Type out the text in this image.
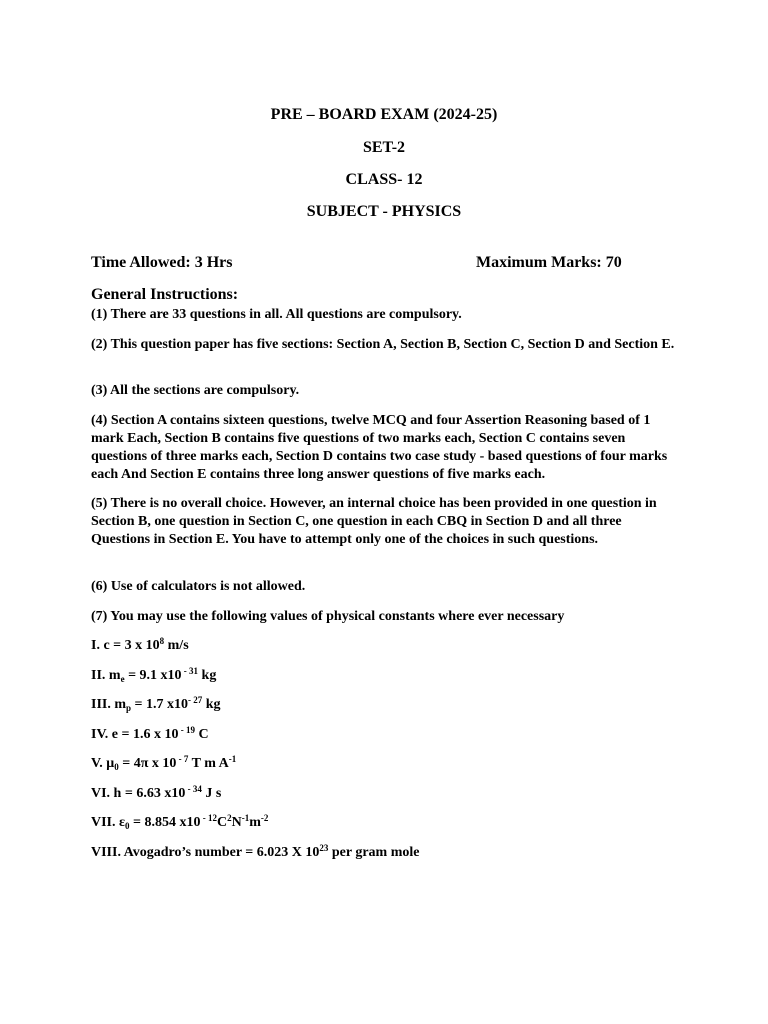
PRE – BOARD EXAM (2024-25)
SET-2
CLASS- 12
SUBJECT - PHYSICS
Time Allowed: 3 Hrs	Maximum Marks: 70
General Instructions:

(1) There are 33 questions in all. All questions are compulsory.

(2) This question paper has five sections: Section A, Section B, Section C, Section D and Section E.

(3) All the sections are compulsory.

(4) Section A contains sixteen questions, twelve MCQ and four Assertion Reasoning based of 1 mark Each, Section B contains five questions of two marks each, Section C contains seven questions of three marks each, Section D contains two case study - based questions of four marks each And Section E contains three long answer questions of five marks each.

(5) There is no overall choice. However, an internal choice has been provided in one question in Section B, one question in Section C, one question in each CBQ in Section D and all three Questions in Section E. You have to attempt only one of the choices in such questions.

(6) Use of calculators is not allowed.

(7) You may use the following values of physical constants where ever necessary

I. c = 3 x $10^8$ m/s

II. $m_e = 9.1$ x10 $^{- 31}$ kg

III. $m_p = 1.7$ $x10^{- 27}$ kg

IV. e = 1.6 x 10 $^{- 19}$ C

V. $\mu_0 = 4\pi$ x 10 $^{- 7}$ T m $A^{-1}$

VI. h = 6.63 x10 $^{- 34}$ J s

VII. $\varepsilon_0 = 8.854$ x10 $^{- 12}C^2N^{-1}m^{-2}$

VIII. Avogadro’s number = 6.023 X $10^{23}$ per gram mole
